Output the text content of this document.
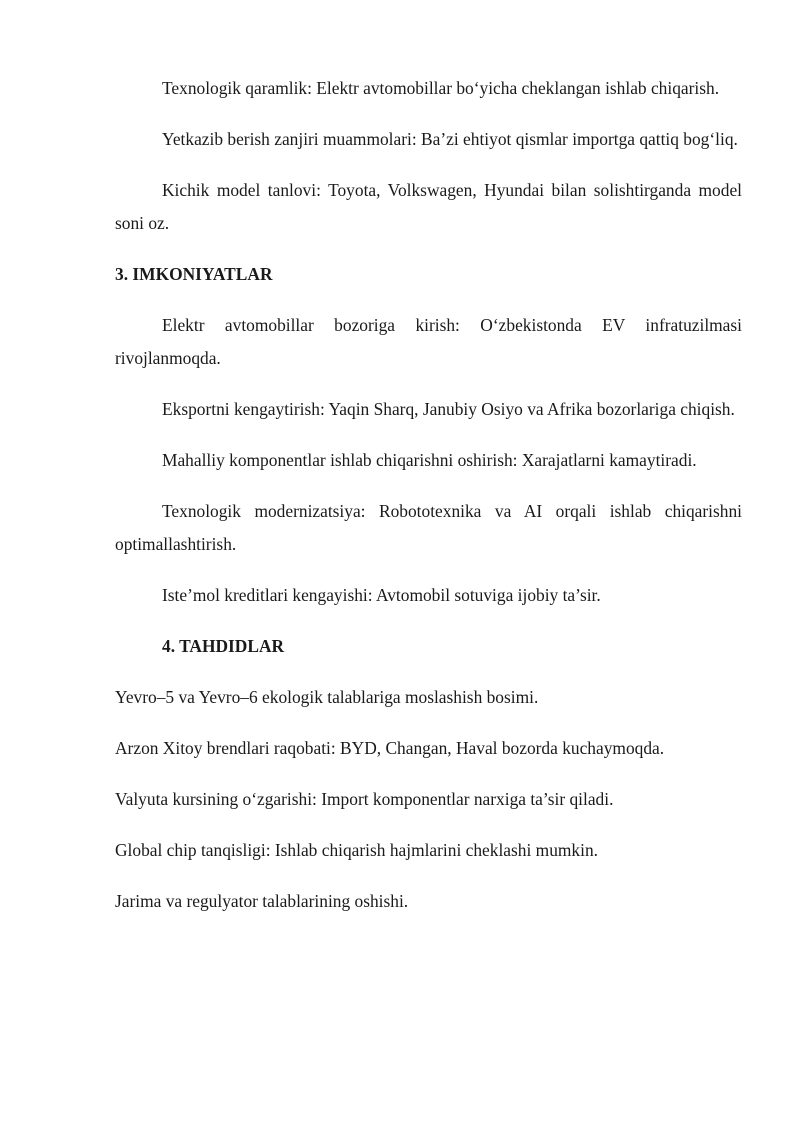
Texnologik qaramlik: Elektr avtomobillar bo‘yicha cheklangan ishlab chiqarish.

Yetkazib berish zanjiri muammolari: Ba’zi ehtiyot qismlar importga qattiq bog‘liq.

Kichik model tanlovi: Toyota, Volkswagen, Hyundai bilan solishtirganda model soni oz.

3. IMKONIYATLAR

Elektr avtomobillar bozoriga kirish: O‘zbekistonda EV infratuzilmasi rivojlanmoqda.

Eksportni kengaytirish: Yaqin Sharq, Janubiy Osiyo va Afrika bozorlariga chiqish.

Mahalliy komponentlar ishlab chiqarishni oshirish: Xarajatlarni kamaytiradi.

Texnologik modernizatsiya: Robototexnika va AI orqali ishlab chiqarishni optimallashtirish.

Iste’mol kreditlari kengayishi: Avtomobil sotuviga ijobiy ta’sir.

4. TAHDIDLAR

Yevro–5 va Yevro–6 ekologik talablariga moslashish bosimi.

Arzon Xitoy brendlari raqobati: BYD, Changan, Haval bozorda kuchaymoqda.

Valyuta kursining o‘zgarishi: Import komponentlar narxiga ta’sir qiladi.

Global chip tanqisligi: Ishlab chiqarish hajmlarini cheklashi mumkin.

Jarima va regulyator talablarining oshishi.
